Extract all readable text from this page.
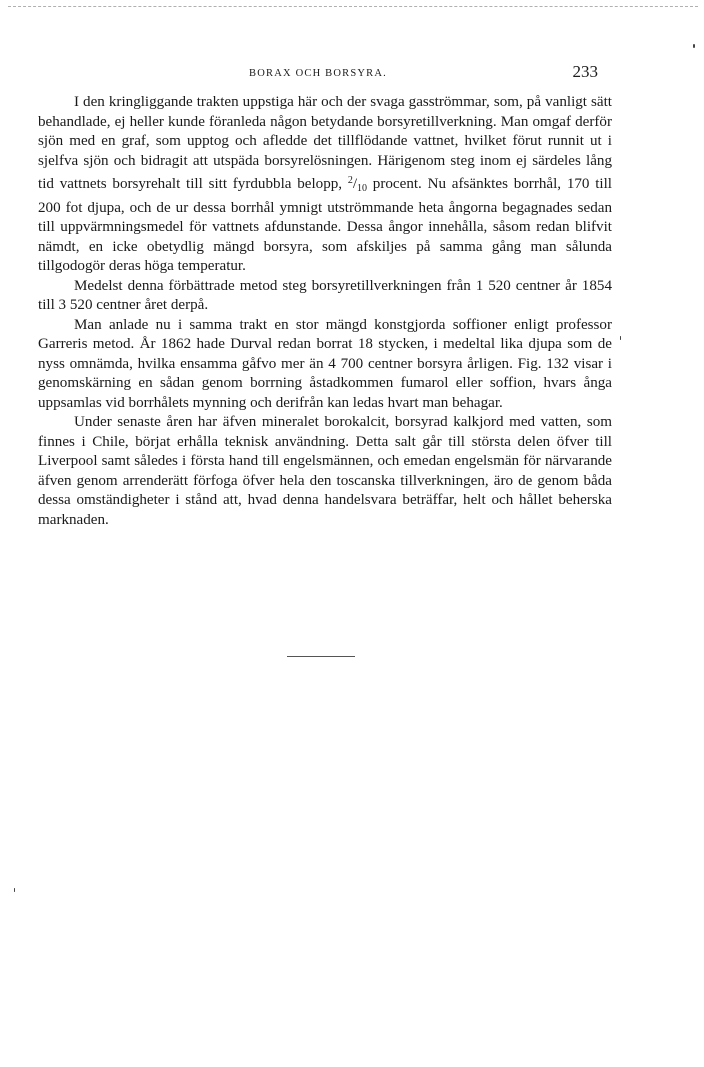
BORAX OCH BORSYRA.	233

I den kringliggande trakten uppstiga här och der svaga gasströmmar, som, på vanligt sätt behandlade, ej heller kunde föranleda någon betydande borsyretillverkning. Man omgaf derför sjön med en graf, som upptog och afledde det tillflödande vattnet, hvilket förut runnit ut i sjelfva sjön och bidragit att utspäda borsyrelösningen. Härigenom steg inom ej särdeles lång tid vattnets borsyrehalt till sitt fyrdubbla belopp, $^2/_{10}$ procent. Nu afsänktes borrhål, 170 till 200 fot djupa, och de ur dessa borrhål ymnigt utströmmande heta ångorna begagnades sedan till uppvärmningsmedel för vattnets afdunstande. Dessa ångor innehålla, såsom redan blifvit nämdt, en icke obetydlig mängd borsyra, som afskiljes på samma gång man sålunda tillgodogör deras höga temperatur.

Medelst denna förbättrade metod steg borsyretillverkningen från 1 520 centner år 1854 till 3 520 centner året derpå.

Man anlade nu i samma trakt en stor mängd konstgjorda soffioner enligt professor Garreris metod. År 1862 hade Durval redan borrat 18 stycken, i medeltal lika djupa som de nyss omnämda, hvilka ensamma gåfvo mer än 4 700 centner borsyra årligen. Fig. 132 visar i genomskärning en sådan genom borrning åstadkommen fumarol eller soffion, hvars ånga uppsamlas vid borrhålets mynning och derifrån kan ledas hvart man behagar.

Under senaste åren har äfven mineralet borokalcit, borsyrad kalkjord med vatten, som finnes i Chile, börjat erhålla teknisk användning. Detta salt går till största delen öfver till Liverpool samt således i första hand till engelsmännen, och emedan engelsmän för närvarande äfven genom arrenderätt förfoga öfver hela den toscanska tillverkningen, äro de genom båda dessa omständigheter i stånd att, hvad denna handelsvara beträffar, helt och hållet beherska marknaden.
